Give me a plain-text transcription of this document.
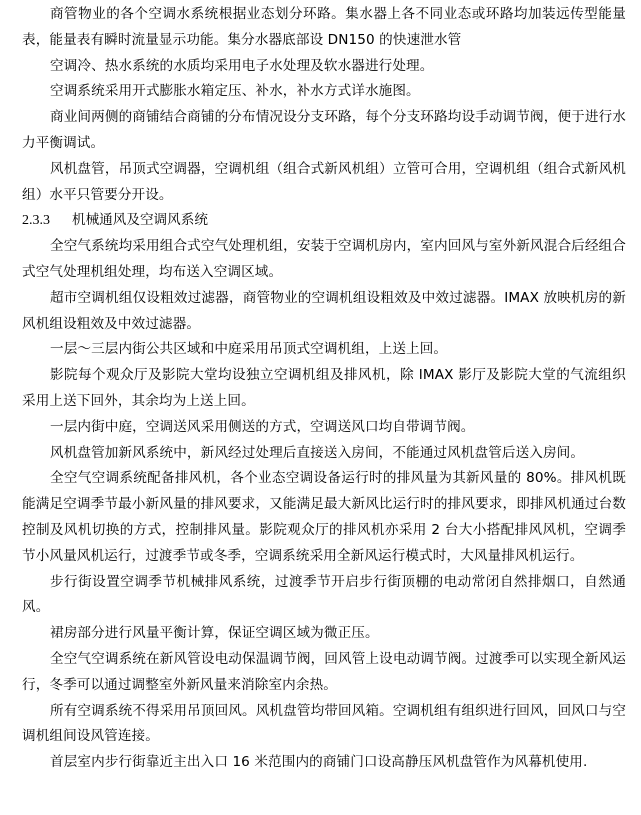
商管物业的各个空调水系统根据业态划分环路。集水器上各不同业态或环路均加装远传型能量表，能量表有瞬时流量显示功能。集分水器底部设 DN150 的快速泄水管

空调冷、热水系统的水质均采用电子水处理及软水器进行处理。

空调系统采用开式膨胀水箱定压、补水，补水方式详水施图。

商业间两侧的商铺结合商铺的分布情况设分支环路，每个分支环路均设手动调节阀，便于进行水力平衡调试。

风机盘管，吊顶式空调器，空调机组（组合式新风机组）立管可合用，空调机组（组合式新风机组）水平只管要分开设。

2.3.3 机械通风及空调风系统

全空气系统均采用组合式空气处理机组，安装于空调机房内，室内回风与室外新风混合后经组合式空气处理机组处理，均布送入空调区域。

超市空调机组仅设粗效过滤器，商管物业的空调机组设粗效及中效过滤器。IMAX 放映机房的新风机组设粗效及中效过滤器。

一层～三层内街公共区域和中庭采用吊顶式空调机组，上送上回。

影院每个观众厅及影院大堂均设独立空调机组及排风机，除 IMAX 影厅及影院大堂的气流组织采用上送下回外，其余均为上送上回。

一层内街中庭，空调送风采用侧送的方式，空调送风口均自带调节阀。

风机盘管加新风系统中，新风经过处理后直接送入房间，不能通过风机盘管后送入房间。

全空气空调系统配备排风机，各个业态空调设备运行时的排风量为其新风量的 80%。排风机既能满足空调季节最小新风量的排风要求，又能满足最大新风比运行时的排风要求，即排风机通过台数控制及风机切换的方式，控制排风量。影院观众厅的排风机亦采用 2 台大小搭配排风风机，空调季节小风量风机运行，过渡季节或冬季，空调系统采用全新风运行模式时，大风量排风机运行。

步行街设置空调季节机械排风系统，过渡季节开启步行街顶棚的电动常闭自然排烟口，自然通风。

裙房部分进行风量平衡计算，保证空调区域为微正压。

全空气空调系统在新风管设电动保温调节阀，回风管上设电动调节阀。过渡季可以实现全新风运行，冬季可以通过调整室外新风量来消除室内余热。

所有空调系统不得采用吊顶回风。风机盘管均带回风箱。空调机组有组织进行回风，回风口与空调机组间设风管连接。

首层室内步行街靠近主出入口 16 米范围内的商铺门口设高静压风机盘管作为风幕机使用.
